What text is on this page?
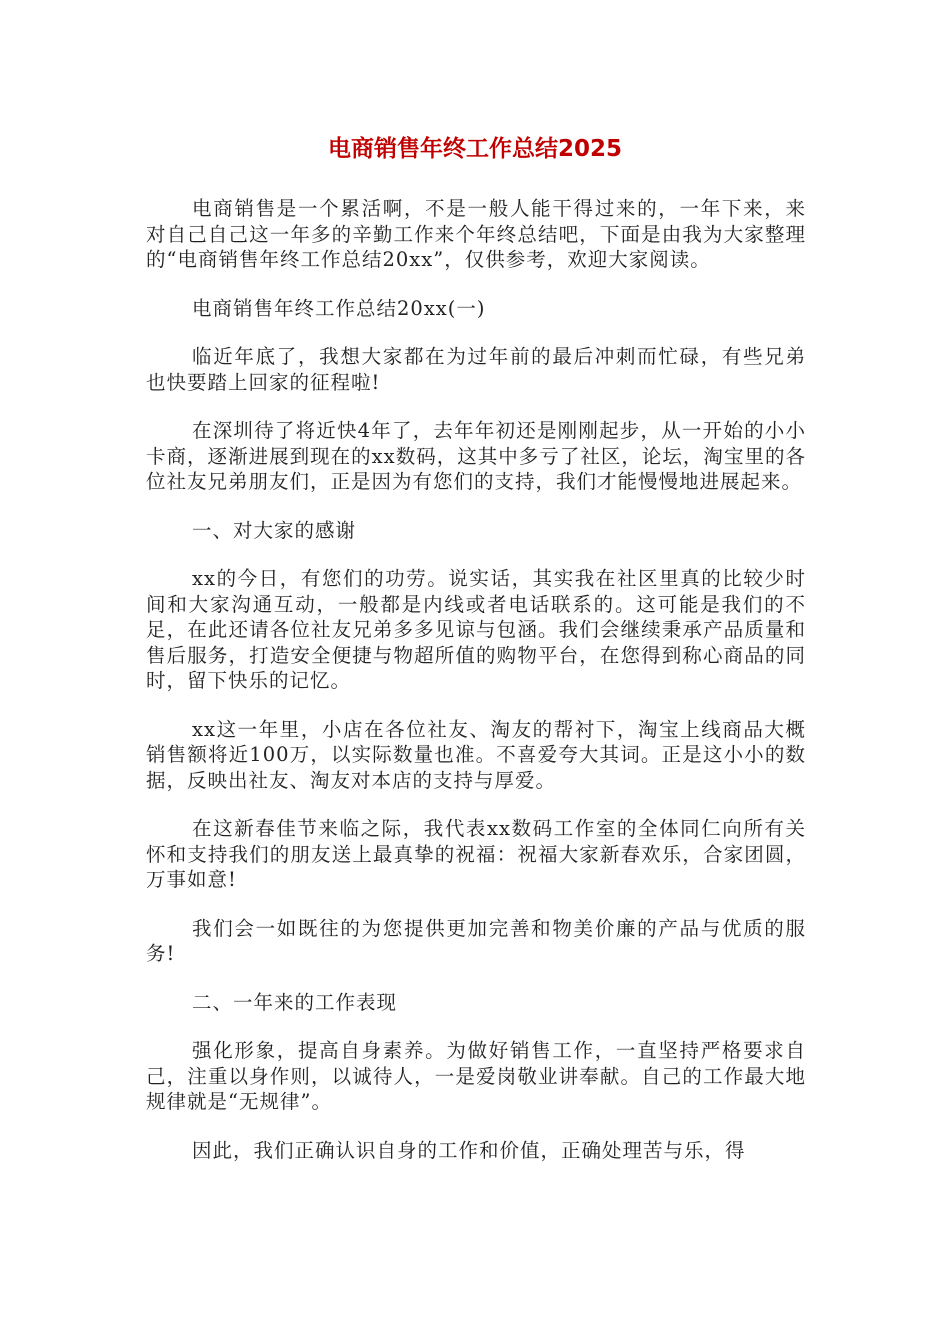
电商销售年终工作总结2025

电商销售是一个累活啊，不是一般人能干得过来的，一年下来，来对自己自己这一年多的辛勤工作来个年终总结吧，下面是由我为大家整理的“电商销售年终工作总结20xx”，仅供参考，欢迎大家阅读。

电商销售年终工作总结20xx(一)

临近年底了，我想大家都在为过年前的最后冲刺而忙碌，有些兄弟也快要踏上回家的征程啦!

在深圳待了将近快4年了，去年年初还是刚刚起步，从一开始的小小卡商，逐渐进展到现在的xx数码，这其中多亏了社区，论坛，淘宝里的各位社友兄弟朋友们，正是因为有您们的支持，我们才能慢慢地进展起来。

一、对大家的感谢

xx的今日，有您们的功劳。说实话，其实我在社区里真的比较少时间和大家沟通互动，一般都是内线或者电话联系的。这可能是我们的不足，在此还请各位社友兄弟多多见谅与包涵。我们会继续秉承产品质量和售后服务，打造安全便捷与物超所值的购物平台，在您得到称心商品的同时，留下快乐的记忆。

xx这一年里，小店在各位社友、淘友的帮衬下，淘宝上线商品大概销售额将近100万，以实际数量也准。不喜爱夸大其词。正是这小小的数据，反映出社友、淘友对本店的支持与厚爱。

在这新春佳节来临之际，我代表xx数码工作室的全体同仁向所有关怀和支持我们的朋友送上最真挚的祝福：祝福大家新春欢乐，合家团圆，万事如意!

我们会一如既往的为您提供更加完善和物美价廉的产品与优质的服务!

二、一年来的工作表现

强化形象，提高自身素养。为做好销售工作，一直坚持严格要求自己，注重以身作则，以诚待人，一是爱岗敬业讲奉献。自己的工作最大地规律就是“无规律”。

因此，我们正确认识自身的工作和价值，正确处理苦与乐，得
